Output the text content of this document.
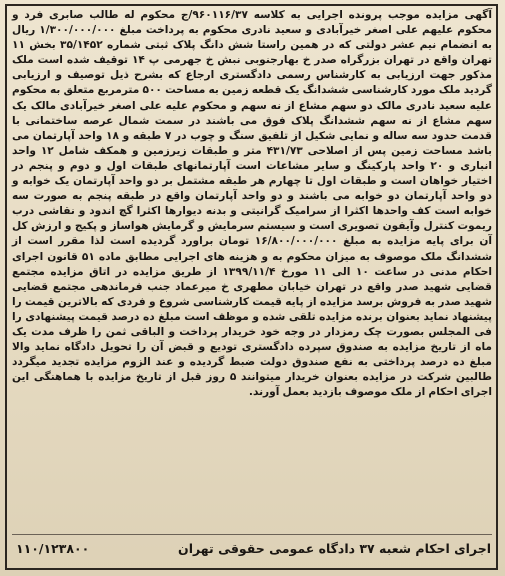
آگهی مزایده موجب پرونده اجرایی به کلاسه ۹۶۰۱۱۶/۳۷/ج محکوم له طالب صابری فرد و محکوم علیهم علی اصغر خیرآبادی و سعید نادری محکوم به پرداخت مبلغ ۱/۳۰۰/۰۰۰/۰۰۰ ریال به انضمام نیم عشر دولتی که در همین راستا شش دانگ پلاک ثبتی شماره ۳۵/۱۴۵۲ بخش ۱۱ تهران واقع در تهران بزرگراه صدر خ بهارجنوبی نبش خ جهرمی پ ۱۴ توقیف شده است ملک مذکور جهت ارزیابی به کارشناس رسمی دادگستری ارجاع که بشرح ذیل توصیف و ارزیابی گردید ملک مورد کارشناسی ششدانگ یک قطعه زمین به مساحت ۵۰۰ مترمربع متعلق به محکوم علیه سعید نادری مالک دو سهم مشاع از نه سهم و محکوم علیه علی اصغر خیرآبادی مالک یک سهم مشاع از نه سهم ششدانگ پلاک فوق می باشند در سمت شمال عرصه ساختمانی با قدمت حدود سه ساله و نمایی شکیل از تلفیق سنگ و چوب در ۷ طبقه و ۱۸ واحد آپارتمان می باشد مساحت زمین پس از اصلاحی ۴۳۱/۷۳ متر و طبقات زیرزمین و همکف شامل ۱۲ واحد انباری و ۲۰ واحد پارکینگ و سایر مشاعات است آپارتمانهای طبقات اول و دوم و پنجم در اختیار خواهان است و طبقات اول تا چهارم هر طبقه مشتمل بر دو واحد آپارتمان یک خوابه و دو واحد آپارتمان دو خوابه می باشند و دو واحد آپارتمان واقع در طبقه پنجم به صورت سه خوابه است کف واحدها اکثرا از سرامیک گرانیتی و بدنه دیوارها اکثرا گچ اندود و نقاشی درب ریموت کنترل وآیفون تصویری است و سیستم سرمایش و گرمایش هواساز و پکیج و ارزش کل آن برای پایه مزایده به مبلغ ۱۶/۸۰۰/۰۰۰/۰۰۰ تومان براورد گردیده است لذا مقرر است از ششدانگ ملک موصوف به میزان محکوم به و هزینه های اجرایی مطابق ماده ۵۱ قانون اجرای احکام مدنی در ساعت ۱۰ الی ۱۱ مورخ ۱۳۹۹/۱۱/۴ از طریق مزایده در اتاق مزایده مجتمع قضایی شهید صدر واقع در تهران خیابان مطهری خ میرعماد جنب فرماندهی مجتمع قضایی شهید صدر به فروش برسد مزایده از پایه قیمت کارشناسی شروع و فردی که بالاترین قیمت را پیشنهاد نماید بعنوان برنده مزایده تلقی شده و موظف است مبلغ ده درصد قیمت پیشنهادی را فی المجلس بصورت چک رمزدار در وجه خود خریدار پرداخت و الباقی ثمن را ظرف مدت یک ماه از تاریخ مزایده به صندوق سپرده دادگستری تودیع و قبض آن را تحویل دادگاه نماید والا مبلغ ده درصد پرداختی به نفع صندوق دولت ضبط گردیده و عند الزوم مزایده تجدید میگردد طالبین شرکت در مزایده بعنوان خریدار میتوانند ۵ روز قبل از تاریخ مزایده با هماهنگی این اجرای احکام از ملک موصوف بازدید بعمل آورند.
اجرای احکام شعبه ۳۷ دادگاه عمومی حقوقی تهران
۱۱۰/۱۲۳۸۰۰
